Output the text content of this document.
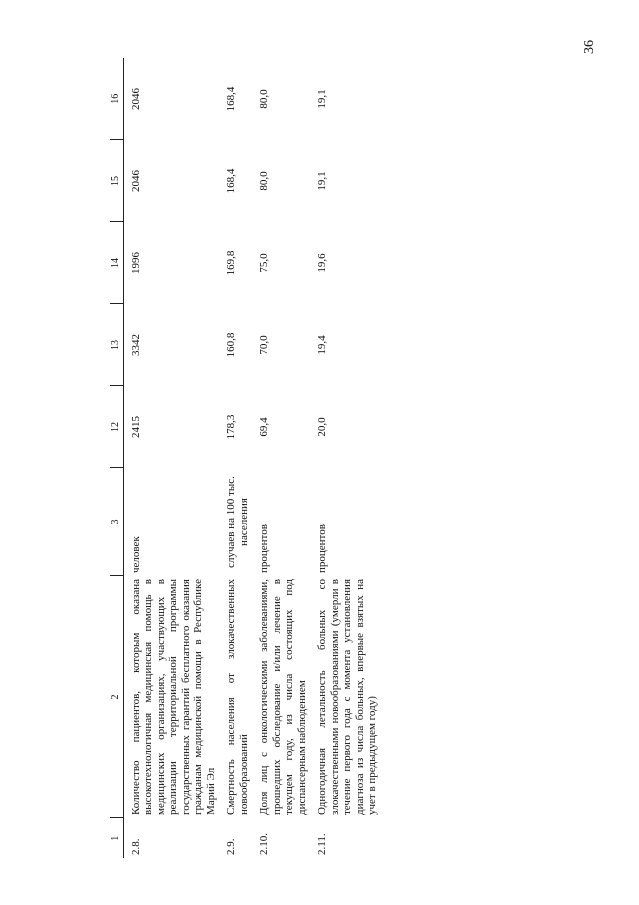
36
1	2	3	12	13	14	15	16
2.8.	Количество пациентов, которым оказана высокотехнологичная медицинская помощь в медицинских организациях, участвующих в реализации территориальной программы государственных гарантий бесплатного оказания гражданам медицинской помощи в Республике Марий Эл	человек	2415	3342	1996	2046	2046
2.9.	Смертность населения от злокачественных новообразований	случаев на 100 тыс. населения	178,3	160,8	169,8	168,4	168,4
2.10.	Доля лиц с онкологическими заболеваниями, прошедших обследование и/или лечение в текущем году, из числа состоящих под диспансерным наблюдением	процентов	69,4	70,0	75,0	80,0	80,0
2.11.	Одногодичная летальность больных со злокачественными новообразованиями (умерли в течение первого года с момента установления диагноза из числа больных, впервые взятых на учет в предыдущем году)	процентов	20,0	19,4	19,6	19,1	19,1
